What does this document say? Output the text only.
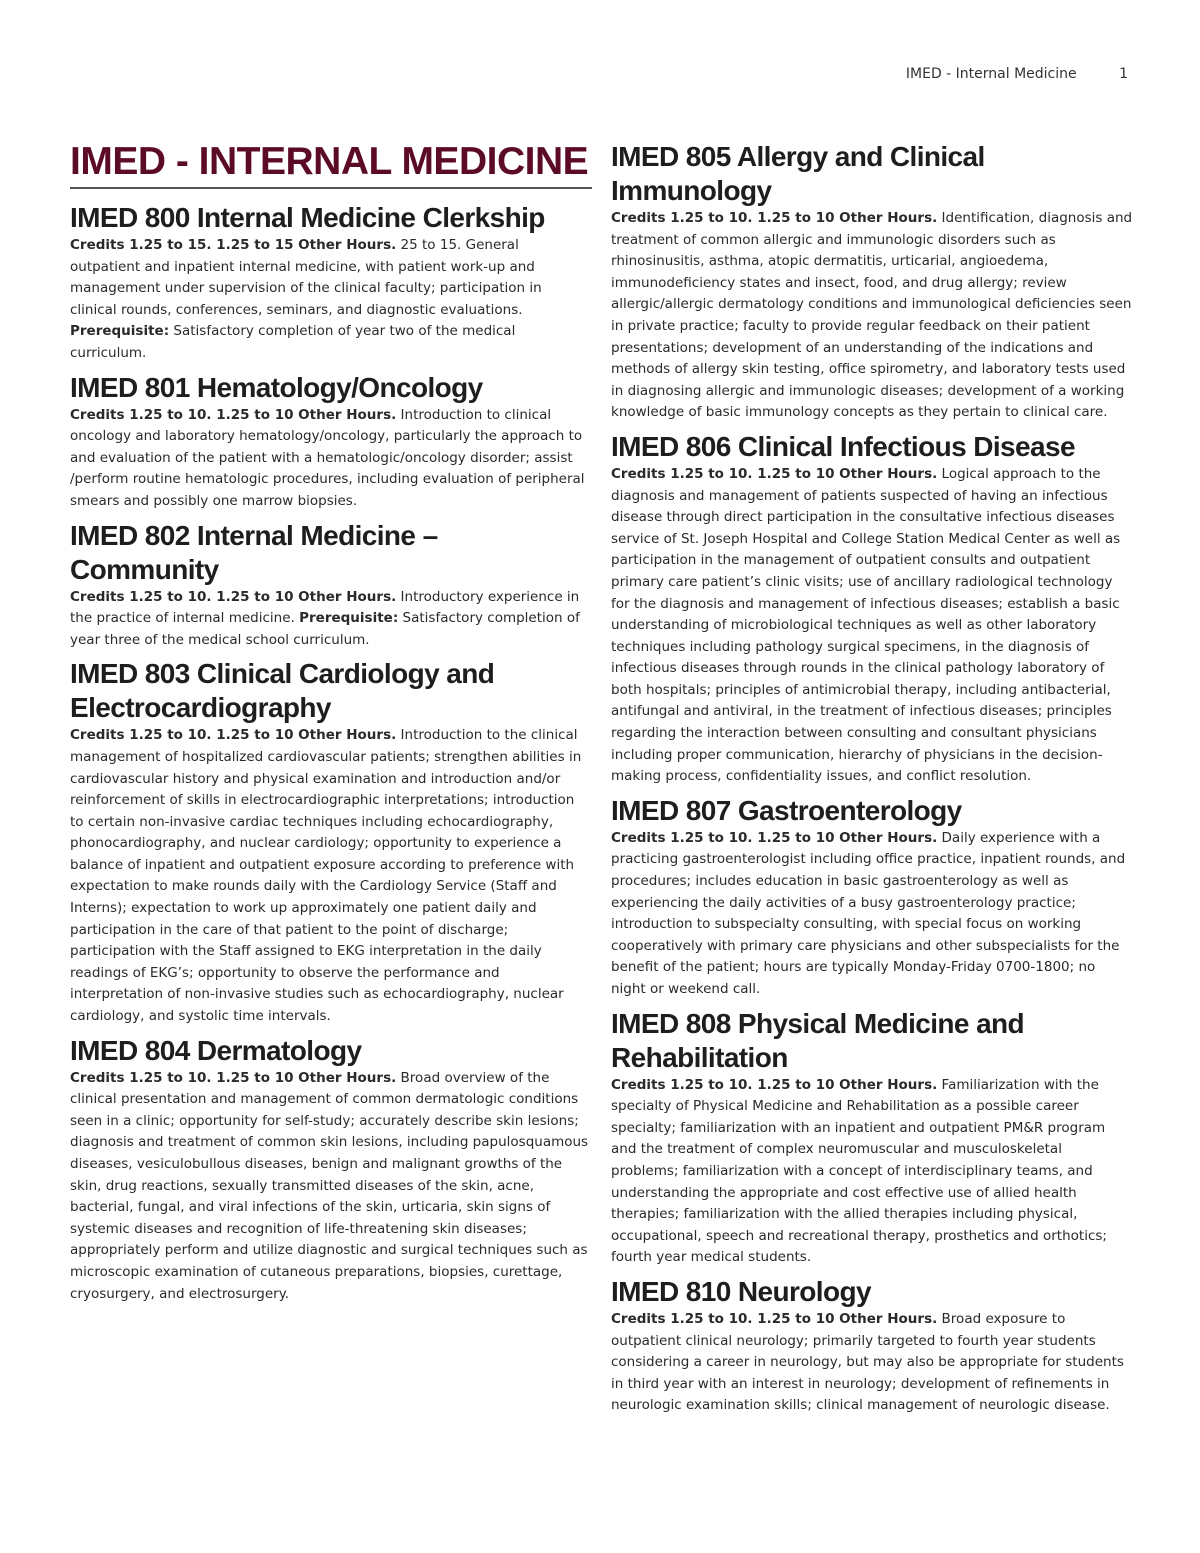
IMED - Internal Medicine	1
IMED - INTERNAL MEDICINE
IMED 800 Internal Medicine Clerkship

Credits 1.25 to 15. 1.25 to 15 Other Hours. 25 to 15. General outpatient and inpatient internal medicine, with patient work-up and management under supervision of the clinical faculty; participation in clinical rounds, conferences, seminars, and diagnostic evaluations. Prerequisite: Satisfactory completion of year two of the medical curriculum.

IMED 801 Hematology/Oncology

Credits 1.25 to 10. 1.25 to 10 Other Hours. Introduction to clinical oncology and laboratory hematology/oncology, particularly the approach to and evaluation of the patient with a hematologic/oncology disorder; assist /perform routine hematologic procedures, including evaluation of peripheral smears and possibly one marrow biopsies.

IMED 802 Internal Medicine – Community

Credits 1.25 to 10. 1.25 to 10 Other Hours. Introductory experience in the practice of internal medicine. Prerequisite: Satisfactory completion of year three of the medical school curriculum.

IMED 803 Clinical Cardiology and Electrocardiography

Credits 1.25 to 10. 1.25 to 10 Other Hours. Introduction to the clinical management of hospitalized cardiovascular patients; strengthen abilities in cardiovascular history and physical examination and introduction and/or reinforcement of skills in electrocardiographic interpretations; introduction to certain non-invasive cardiac techniques including echocardiography, phonocardiography, and nuclear cardiology; opportunity to experience a balance of inpatient and outpatient exposure according to preference with expectation to make rounds daily with the Cardiology Service (Staff and Interns); expectation to work up approximately one patient daily and participation in the care of that patient to the point of discharge; participation with the Staff assigned to EKG interpretation in the daily readings of EKG’s; opportunity to observe the performance and interpretation of non-invasive studies such as echocardiography, nuclear cardiology, and systolic time intervals.

IMED 804 Dermatology

Credits 1.25 to 10. 1.25 to 10 Other Hours. Broad overview of the clinical presentation and management of common dermatologic conditions seen in a clinic; opportunity for self-study; accurately describe skin lesions; diagnosis and treatment of common skin lesions, including papulosquamous diseases, vesiculobullous diseases, benign and malignant growths of the skin, drug reactions, sexually transmitted diseases of the skin, acne, bacterial, fungal, and viral infections of the skin, urticaria, skin signs of systemic diseases and recognition of life-threatening skin diseases; appropriately perform and utilize diagnostic and surgical techniques such as microscopic examination of cutaneous preparations, biopsies, curettage, cryosurgery, and electrosurgery.

IMED 805 Allergy and Clinical Immunology

Credits 1.25 to 10. 1.25 to 10 Other Hours. Identification, diagnosis and treatment of common allergic and immunologic disorders such as rhinosinusitis, asthma, atopic dermatitis, urticarial, angioedema, immunodeficiency states and insect, food, and drug allergy; review allergic/allergic dermatology conditions and immunological deficiencies seen in private practice; faculty to provide regular feedback on their patient presentations; development of an understanding of the indications and methods of allergy skin testing, office spirometry, and laboratory tests used in diagnosing allergic and immunologic diseases; development of a working knowledge of basic immunology concepts as they pertain to clinical care.

IMED 806 Clinical Infectious Disease

Credits 1.25 to 10. 1.25 to 10 Other Hours. Logical approach to the diagnosis and management of patients suspected of having an infectious disease through direct participation in the consultative infectious diseases service of St. Joseph Hospital and College Station Medical Center as well as participation in the management of outpatient consults and outpatient primary care patient’s clinic visits; use of ancillary radiological technology for the diagnosis and management of infectious diseases; establish a basic understanding of microbiological techniques as well as other laboratory techniques including pathology surgical specimens, in the diagnosis of infectious diseases through rounds in the clinical pathology laboratory of both hospitals; principles of antimicrobial therapy, including antibacterial, antifungal and antiviral, in the treatment of infectious diseases; principles regarding the interaction between consulting and consultant physicians including proper communication, hierarchy of physicians in the decision-making process, confidentiality issues, and conflict resolution.

IMED 807 Gastroenterology

Credits 1.25 to 10. 1.25 to 10 Other Hours. Daily experience with a practicing gastroenterologist including office practice, inpatient rounds, and procedures; includes education in basic gastroenterology as well as experiencing the daily activities of a busy gastroenterology practice; introduction to subspecialty consulting, with special focus on working cooperatively with primary care physicians and other subspecialists for the benefit of the patient; hours are typically Monday-Friday 0700-1800; no night or weekend call.

IMED 808 Physical Medicine and Rehabilitation

Credits 1.25 to 10. 1.25 to 10 Other Hours. Familiarization with the specialty of Physical Medicine and Rehabilitation as a possible career specialty; familiarization with an inpatient and outpatient PM&R program and the treatment of complex neuromuscular and musculoskeletal problems; familiarization with a concept of interdisciplinary teams, and understanding the appropriate and cost effective use of allied health therapies; familiarization with the allied therapies including physical, occupational, speech and recreational therapy, prosthetics and orthotics; fourth year medical students.

IMED 810 Neurology

Credits 1.25 to 10. 1.25 to 10 Other Hours. Broad exposure to outpatient clinical neurology; primarily targeted to fourth year students considering a career in neurology, but may also be appropriate for students in third year with an interest in neurology; development of refinements in neurologic examination skills; clinical management of neurologic disease.
